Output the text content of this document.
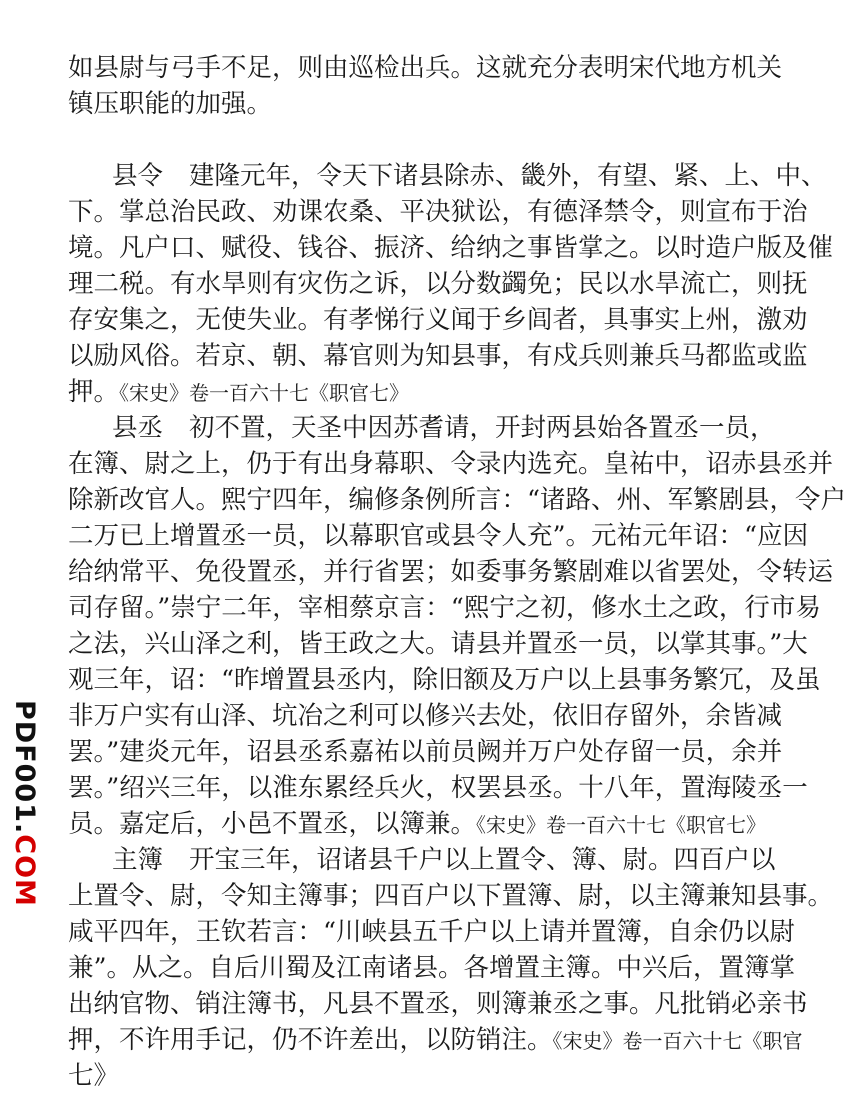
如县尉与弓手不足，则由巡检出兵。这就充分表明宋代地方机关
镇压职能的加强。
县令 建隆元年，令天下诸县除赤、畿外，有望、紧、上、中、
下。掌总治民政、劝课农桑、平决狱讼，有德泽禁令，则宣布于治
境。凡户口、赋役、钱谷、振济、给纳之事皆掌之。以时造户版及催
理二税。有水旱则有灾伤之诉，以分数蠲免；民以水旱流亡，则抚
存安集之，无使失业。有孝悌行义闻于乡闾者，具事实上州，激劝
以励风俗。若京、朝、幕官则为知县事，有戍兵则兼兵马都监或监
押。《宋史》卷一百六十七《职官七》
县丞 初不置，天圣中因苏耆请，开封两县始各置丞一员，
在簿、尉之上，仍于有出身幕职、令录内选充。皇祐中，诏赤县丞并
除新改官人。熙宁四年，编修条例所言：“诸路、州、军繁剧县，令户
二万已上增置丞一员，以幕职官或县令人充”。元祐元年诏：“应因
给纳常平、免役置丞，并行省罢；如委事务繁剧难以省罢处，令转运
司存留。”崇宁二年，宰相蔡京言：“熙宁之初，修水土之政，行市易
之法，兴山泽之利，皆王政之大。请县并置丞一员，以掌其事。”大
观三年，诏：“昨增置县丞内，除旧额及万户以上县事务繁冗，及虽
非万户实有山泽、坑冶之利可以修兴去处，依旧存留外，余皆减
罢。”建炎元年，诏县丞系嘉祐以前员阙并万户处存留一员，余并
罢。”绍兴三年，以淮东累经兵火，权罢县丞。十八年，置海陵丞一
员。嘉定后，小邑不置丞，以簿兼。《宋史》卷一百六十七《职官七》
主簿 开宝三年，诏诸县千户以上置令、簿、尉。四百户以
上置令、尉，令知主簿事；四百户以下置簿、尉，以主簿兼知县事。
咸平四年，王钦若言：“川峡县五千户以上请并置簿，自余仍以尉
兼”。从之。自后川蜀及江南诸县。各增置主簿。中兴后，置簿掌
出纳官物、销注簿书，凡县不置丞，则簿兼丞之事。凡批销必亲书
押，不许用手记，仍不许差出，以防销注。《宋史》卷一百六十七《职官
七》
PDF001.COM
